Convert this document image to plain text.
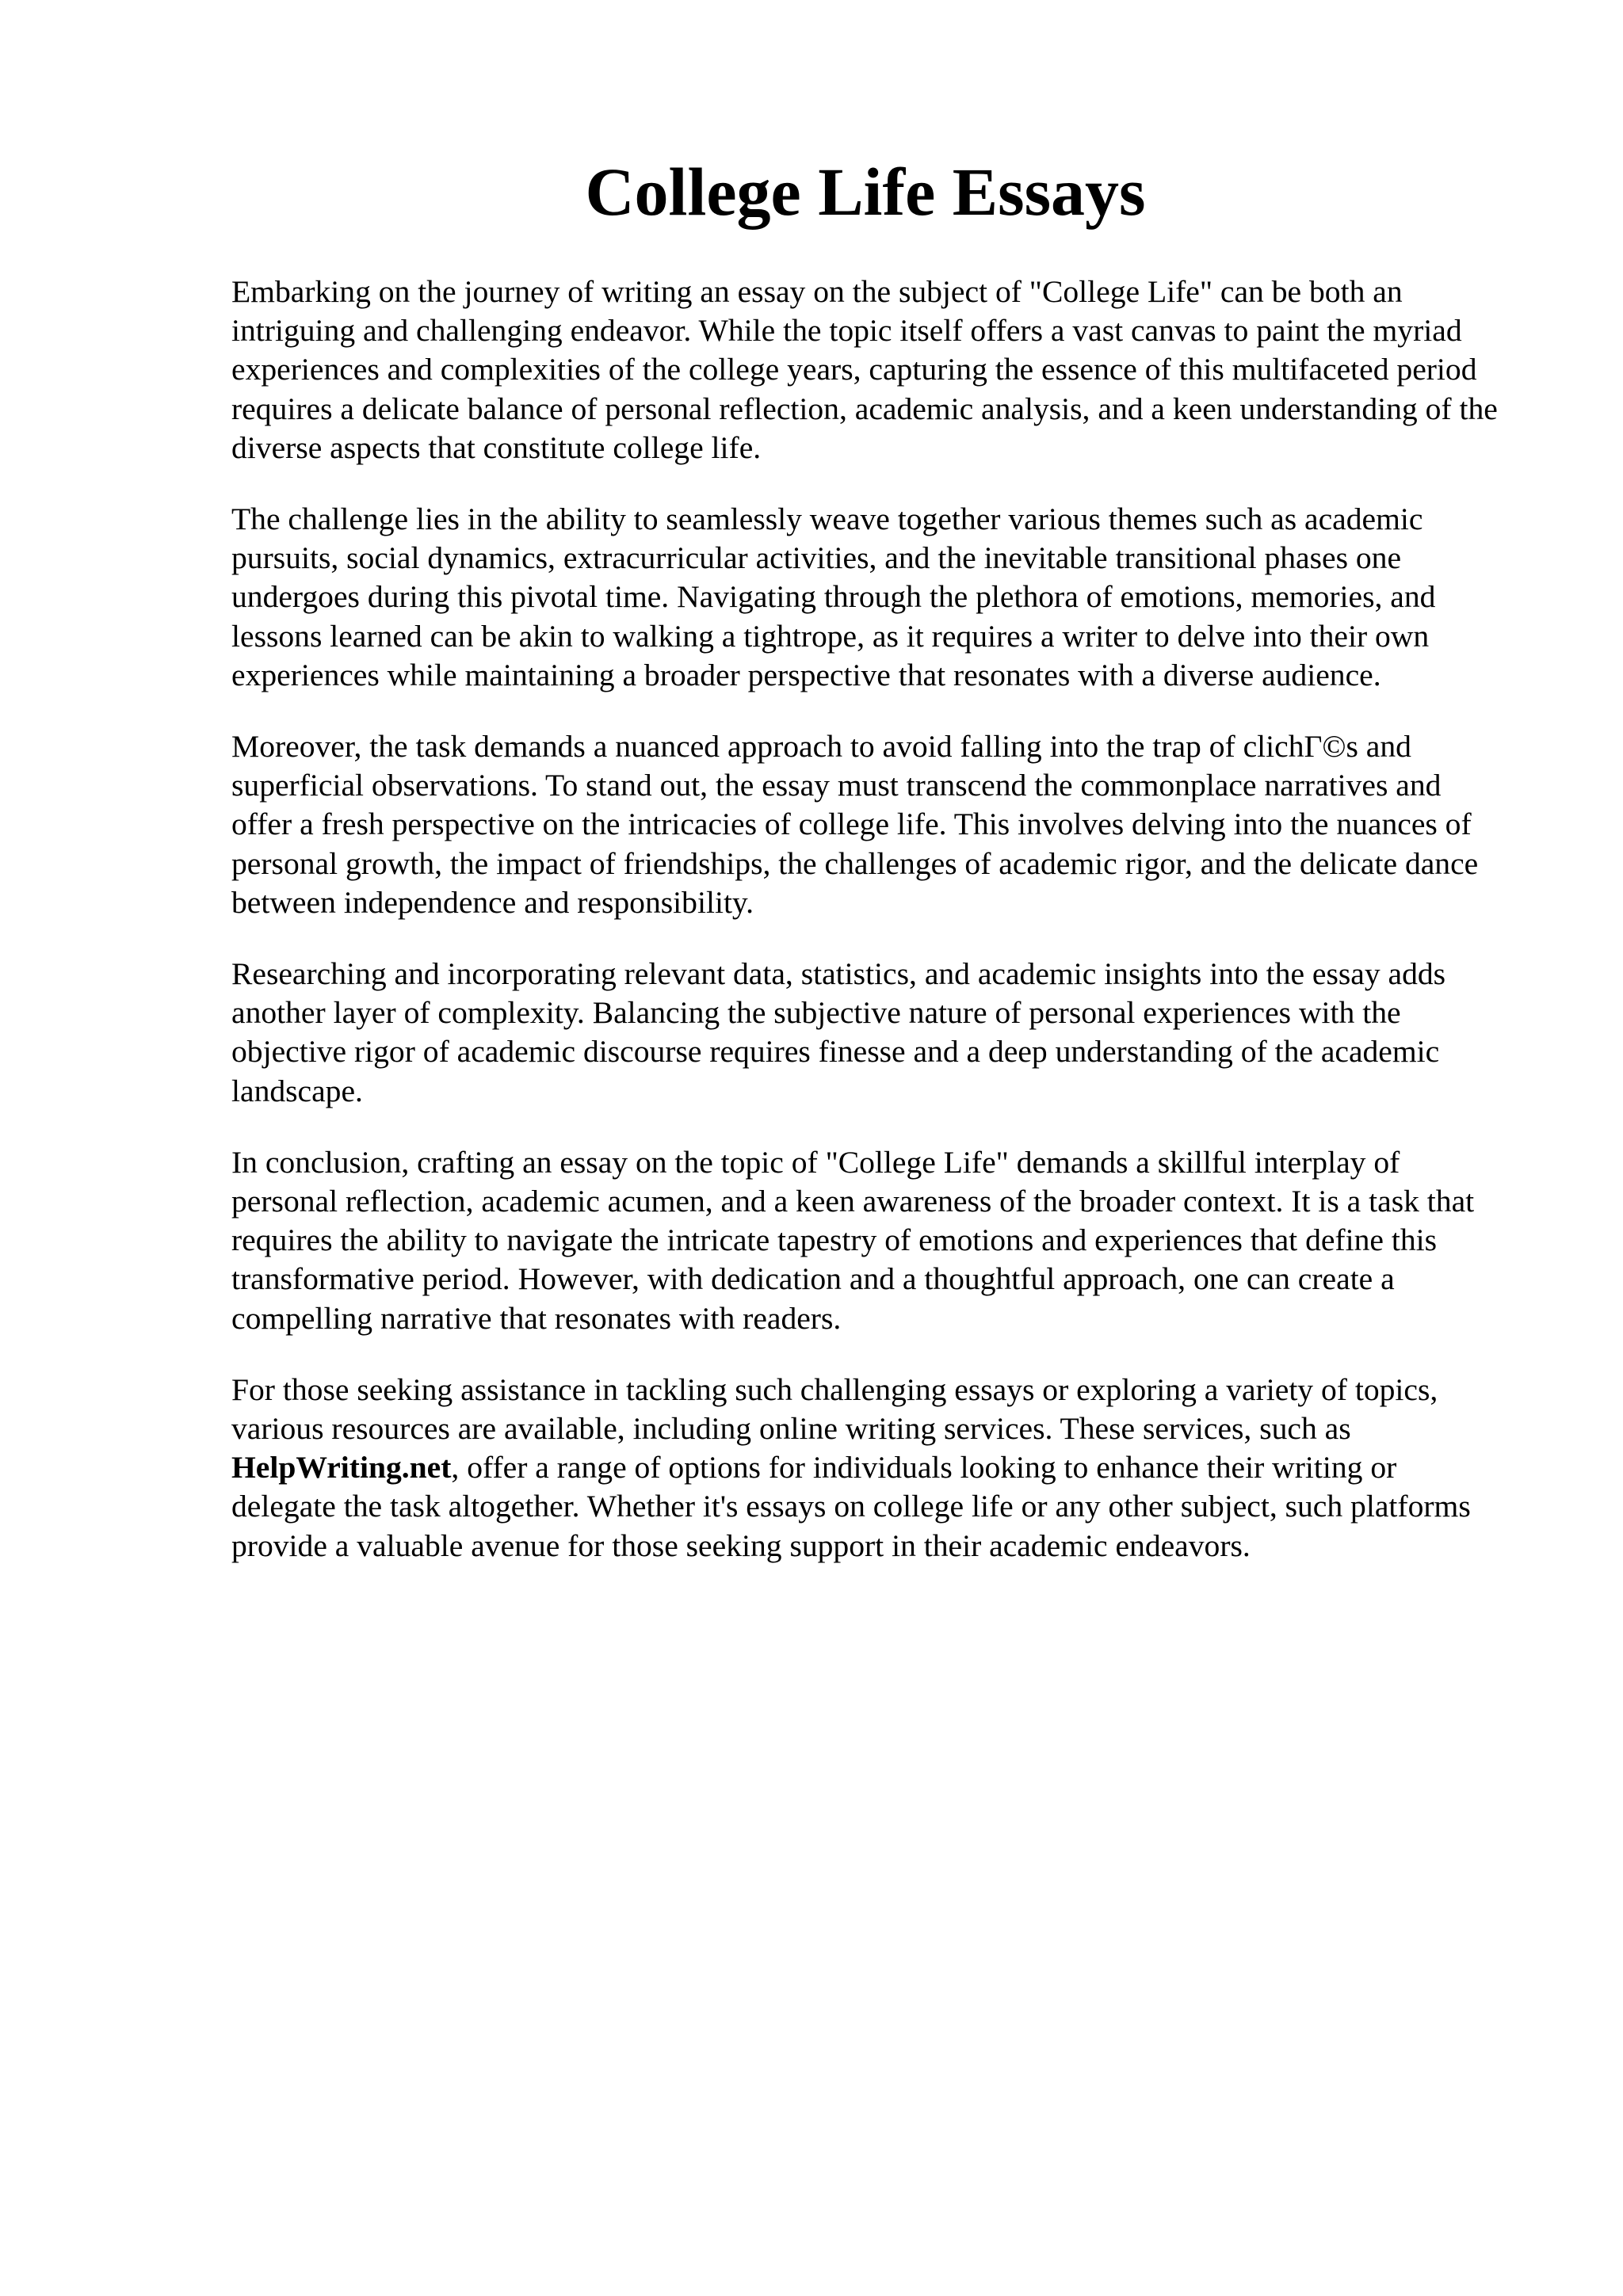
College Life Essays

Embarking on the journey of writing an essay on the subject of "College Life" can be both an intriguing and challenging endeavor. While the topic itself offers a vast canvas to paint the myriad experiences and complexities of the college years, capturing the essence of this multifaceted period requires a delicate balance of personal reflection, academic analysis, and a keen understanding of the diverse aspects that constitute college life.

The challenge lies in the ability to seamlessly weave together various themes such as academic pursuits, social dynamics, extracurricular activities, and the inevitable transitional phases one undergoes during this pivotal time. Navigating through the plethora of emotions, memories, and lessons learned can be akin to walking a tightrope, as it requires a writer to delve into their own experiences while maintaining a broader perspective that resonates with a diverse audience.

Moreover, the task demands a nuanced approach to avoid falling into the trap of clichΓ©s and superficial observations. To stand out, the essay must transcend the commonplace narratives and offer a fresh perspective on the intricacies of college life. This involves delving into the nuances of personal growth, the impact of friendships, the challenges of academic rigor, and the delicate dance between independence and responsibility.

Researching and incorporating relevant data, statistics, and academic insights into the essay adds another layer of complexity. Balancing the subjective nature of personal experiences with the objective rigor of academic discourse requires finesse and a deep understanding of the academic landscape.

In conclusion, crafting an essay on the topic of "College Life" demands a skillful interplay of personal reflection, academic acumen, and a keen awareness of the broader context. It is a task that requires the ability to navigate the intricate tapestry of emotions and experiences that define this transformative period. However, with dedication and a thoughtful approach, one can create a compelling narrative that resonates with readers.

For those seeking assistance in tackling such challenging essays or exploring a variety of topics, various resources are available, including online writing services. These services, such as HelpWriting.net, offer a range of options for individuals looking to enhance their writing or delegate the task altogether. Whether it's essays on college life or any other subject, such platforms provide a valuable avenue for those seeking support in their academic endeavors.
